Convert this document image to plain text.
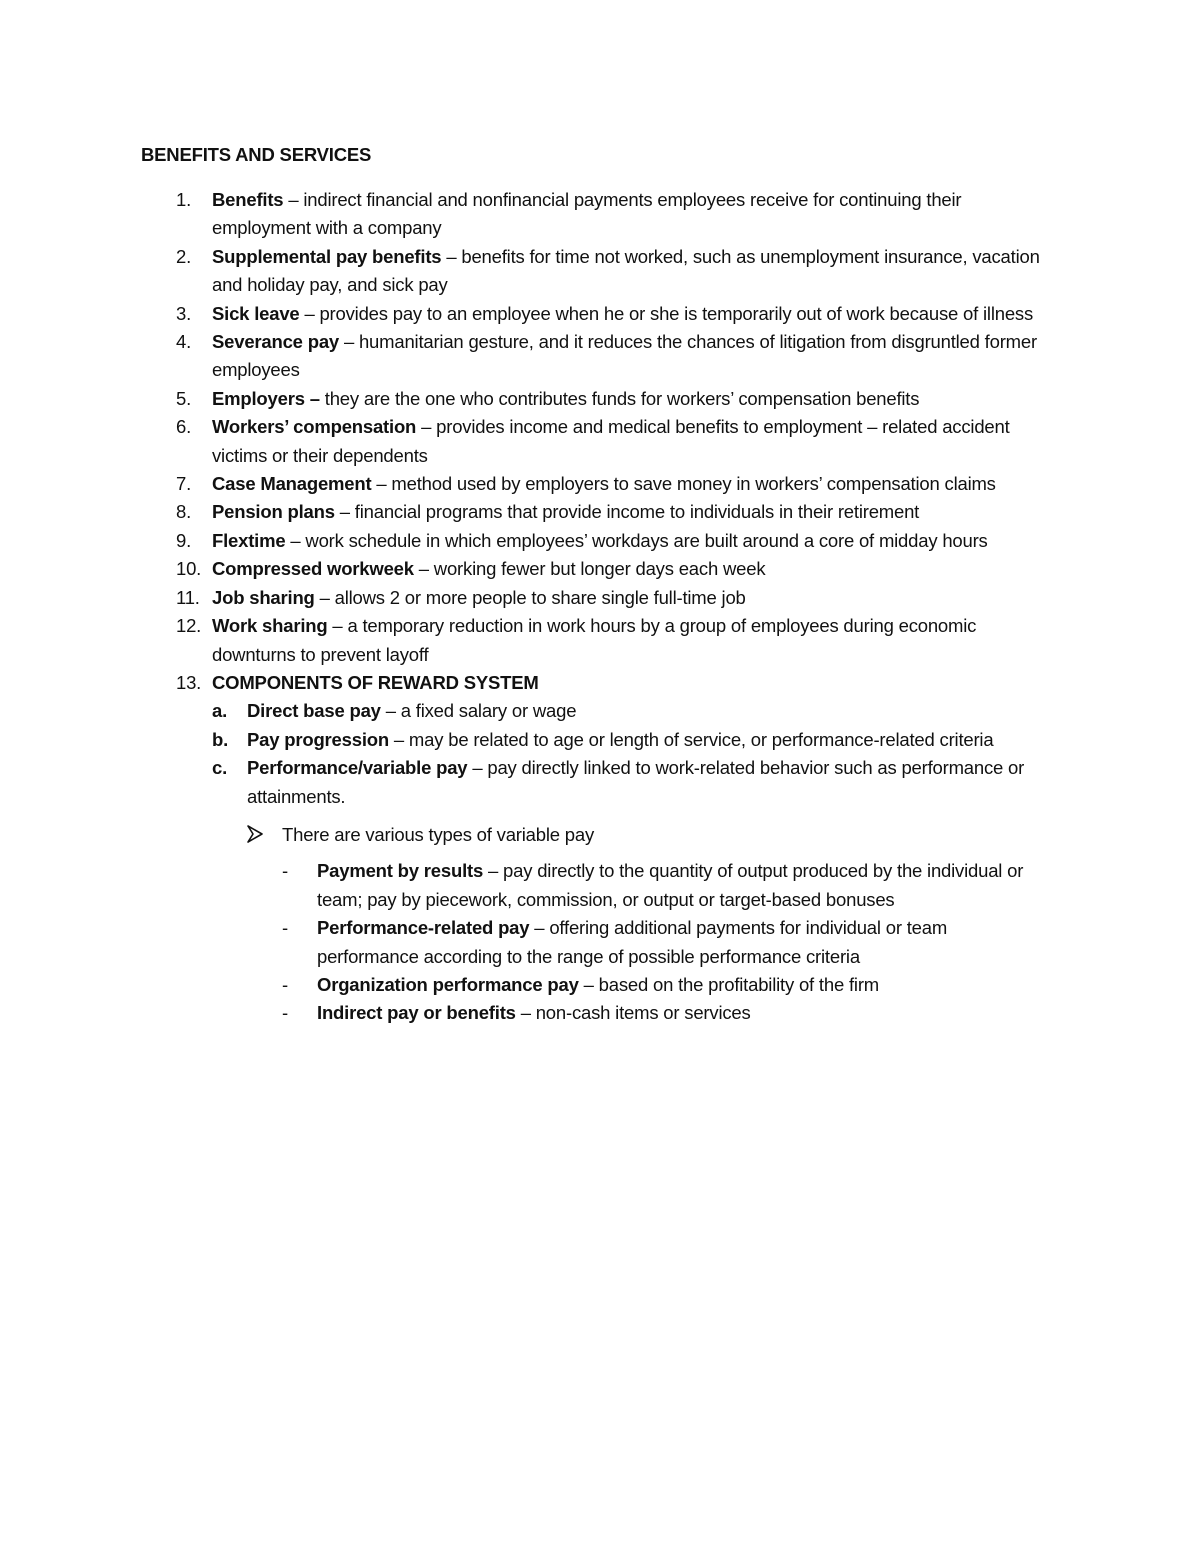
BENEFITS AND SERVICES
1. Benefits – indirect financial and nonfinancial payments employees receive for continuing their employment with a company
2. Supplemental pay benefits – benefits for time not worked, such as unemployment insurance, vacation and holiday pay, and sick pay
3. Sick leave – provides pay to an employee when he or she is temporarily out of work because of illness
4. Severance pay – humanitarian gesture, and it reduces the chances of litigation from disgruntled former employees
5. Employers – they are the one who contributes funds for workers’ compensation benefits
6. Workers’ compensation – provides income and medical benefits to employment – related accident victims or their dependents
7. Case Management – method used by employers to save money in workers’ compensation claims
8. Pension plans – financial programs that provide income to individuals in their retirement
9. Flextime – work schedule in which employees’ workdays are built around a core of midday hours
10. Compressed workweek – working fewer but longer days each week
11. Job sharing – allows 2 or more people to share single full-time job
12. Work sharing – a temporary reduction in work hours by a group of employees during economic downturns to prevent layoff
13. COMPONENTS OF REWARD SYSTEM
a. Direct base pay – a fixed salary or wage
b. Pay progression – may be related to age or length of service, or performance-related criteria
c. Performance/variable pay – pay directly linked to work-related behavior such as performance or attainments.
There are various types of variable pay
- Payment by results – pay directly to the quantity of output produced by the individual or team; pay by piecework, commission, or output or target-based bonuses
- Performance-related pay – offering additional payments for individual or team performance according to the range of possible performance criteria
- Organization performance pay – based on the profitability of the firm
- Indirect pay or benefits – non-cash items or services
